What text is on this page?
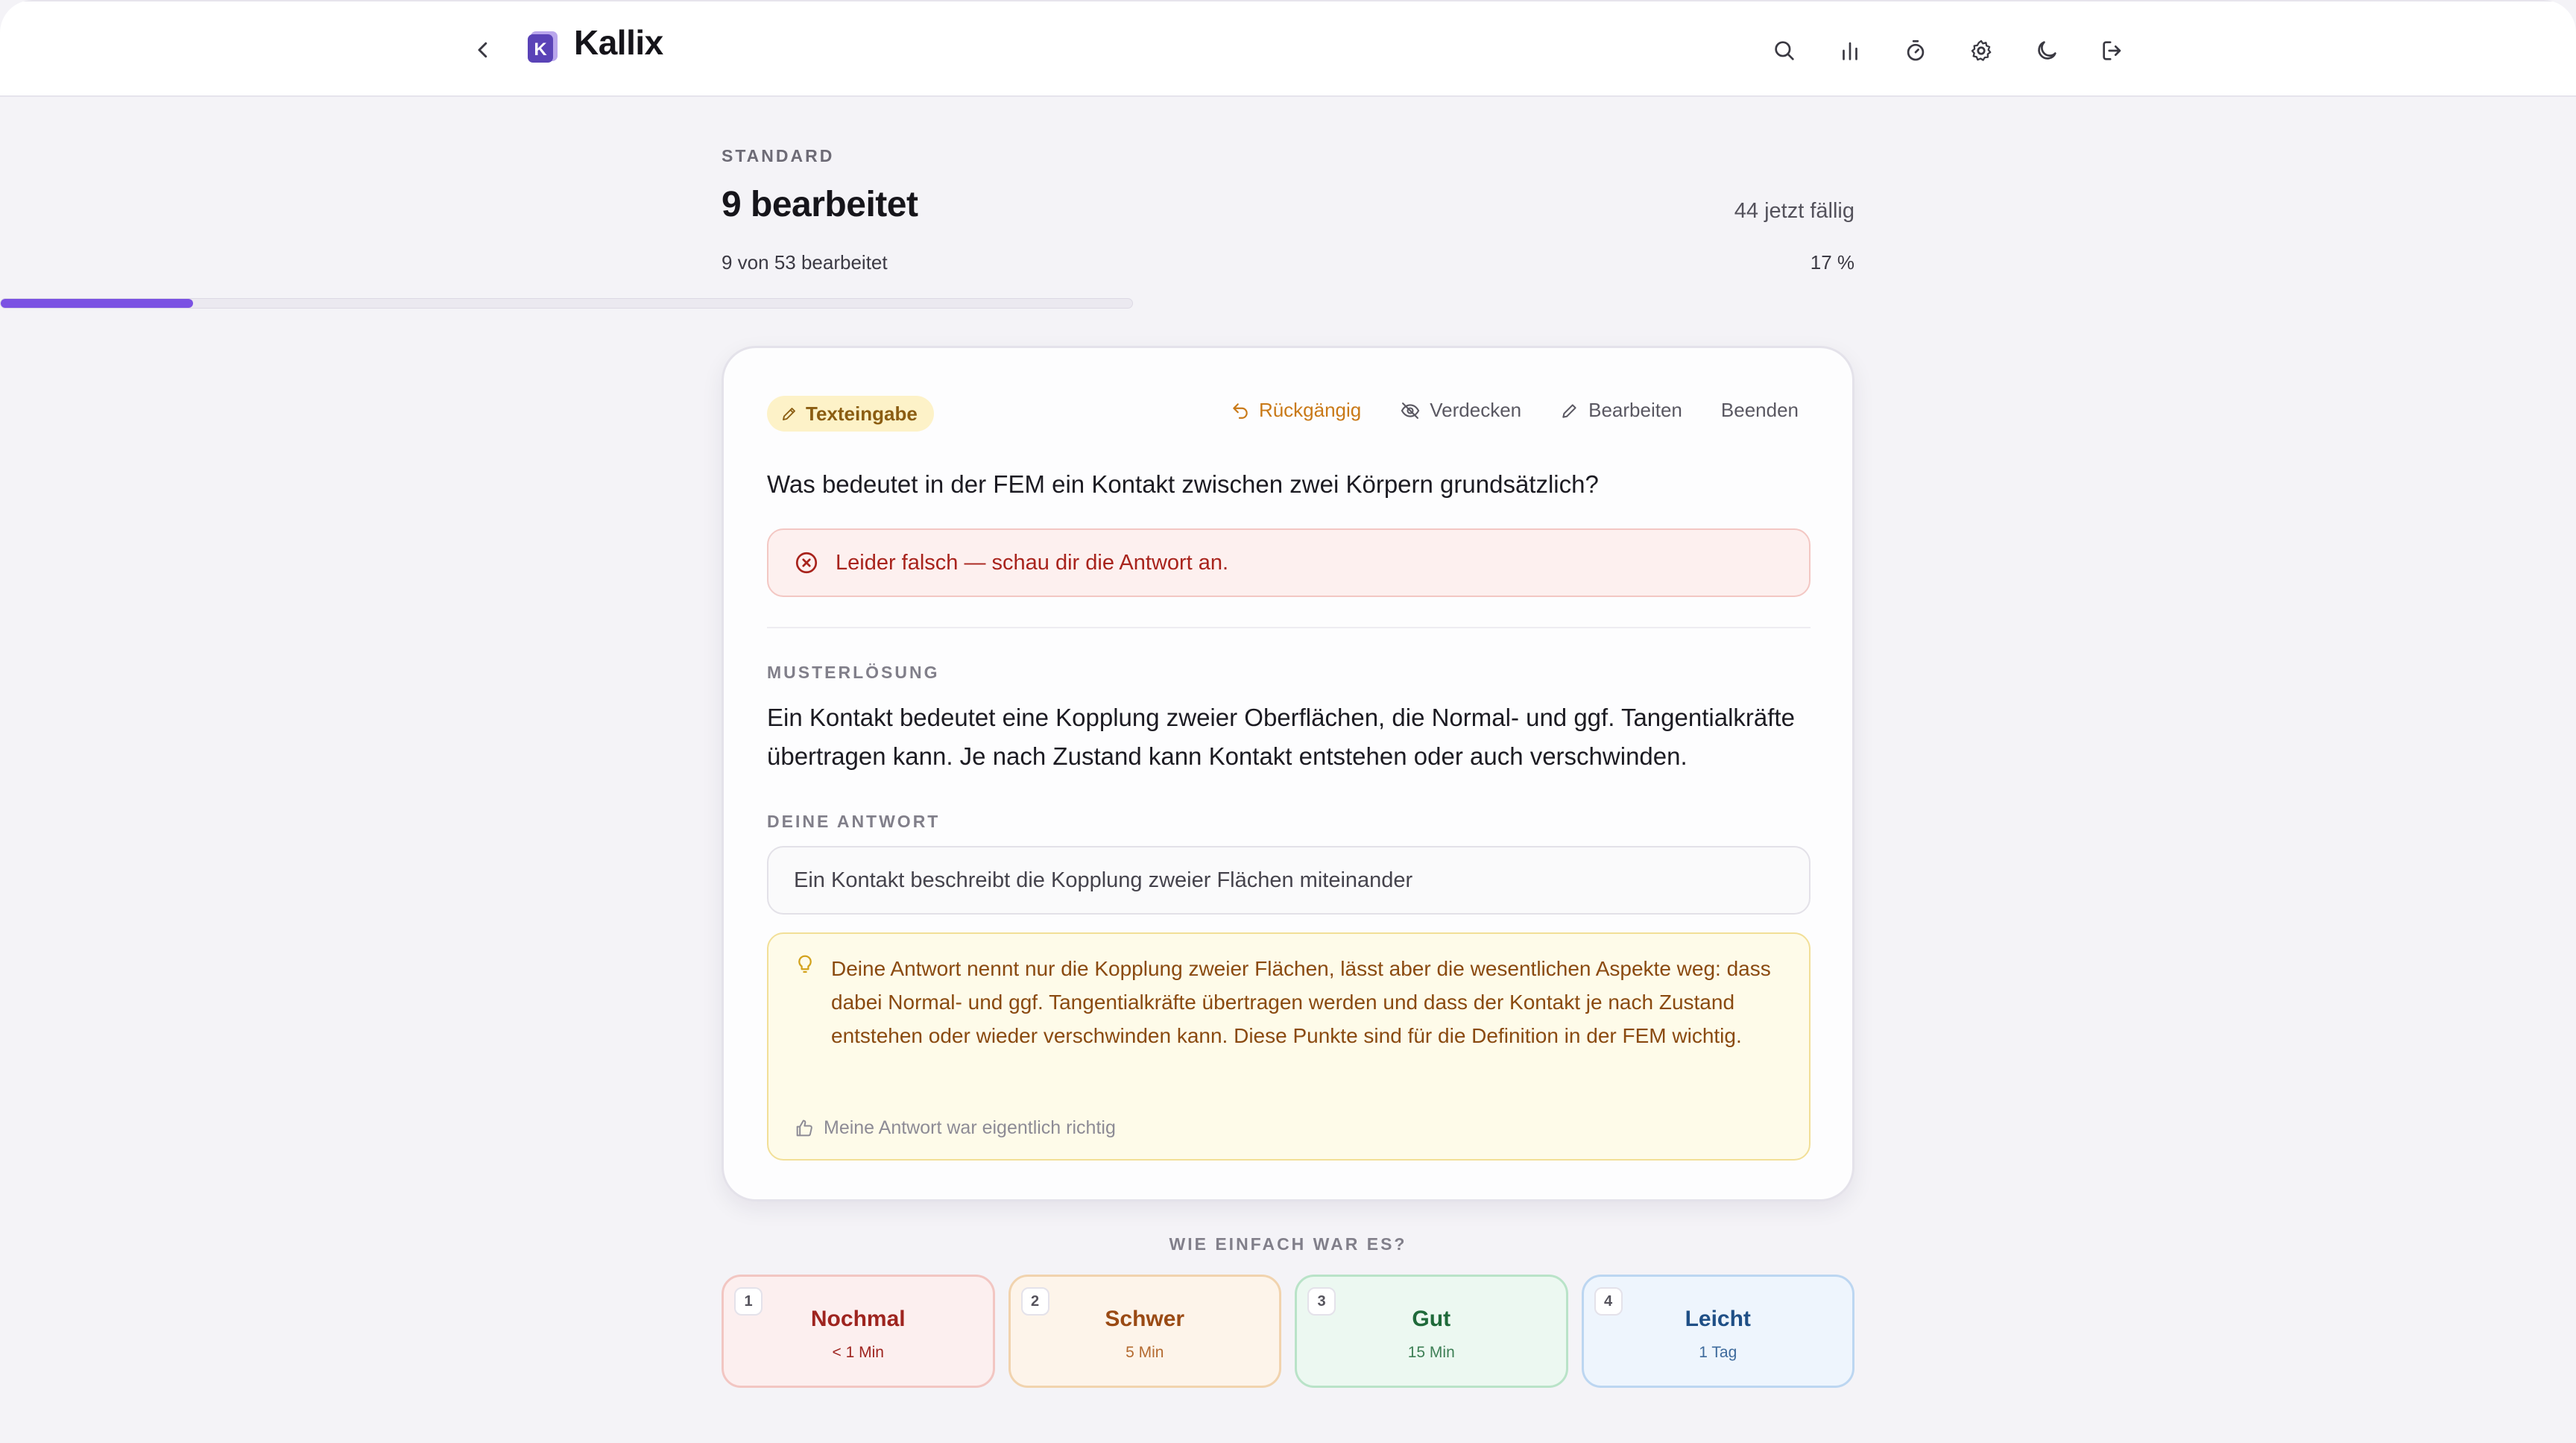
K Kallix
STANDARD
9 bearbeitet	44 jetzt fällig
9 von 53 bearbeitet	17 %
Texteingabe	Rückgängig	Verdecken	Bearbeiten Beenden
Was bedeutet in der FEM ein Kontakt zwischen zwei Körpern grundsätzlich?
Leider falsch — schau dir die Antwort an.
MUSTERLÖSUNG
Ein Kontakt bedeutet eine Kopplung zweier Oberflächen, die Normal- und ggf. Tangentialkräfte übertragen kann. Je nach Zustand kann Kontakt entstehen oder auch verschwinden.
DEINE ANTWORT
Ein Kontakt beschreibt die Kopplung zweier Flächen miteinander
Deine Antwort nennt nur die Kopplung zweier Flächen, lässt aber die wesentlichen Aspekte weg: dass dabei Normal- und ggf. Tangentialkräfte übertragen werden und dass der Kontakt je nach Zustand entstehen oder wieder verschwinden kann. Diese Punkte sind für die Definition in der FEM wichtig.
Meine Antwort war eigentlich richtig
WIE EINFACH WAR ES?
1
Nochmal
< 1 Min
2
Schwer
5 Min
3
Gut
15 Min
4
Leicht
1 Tag
